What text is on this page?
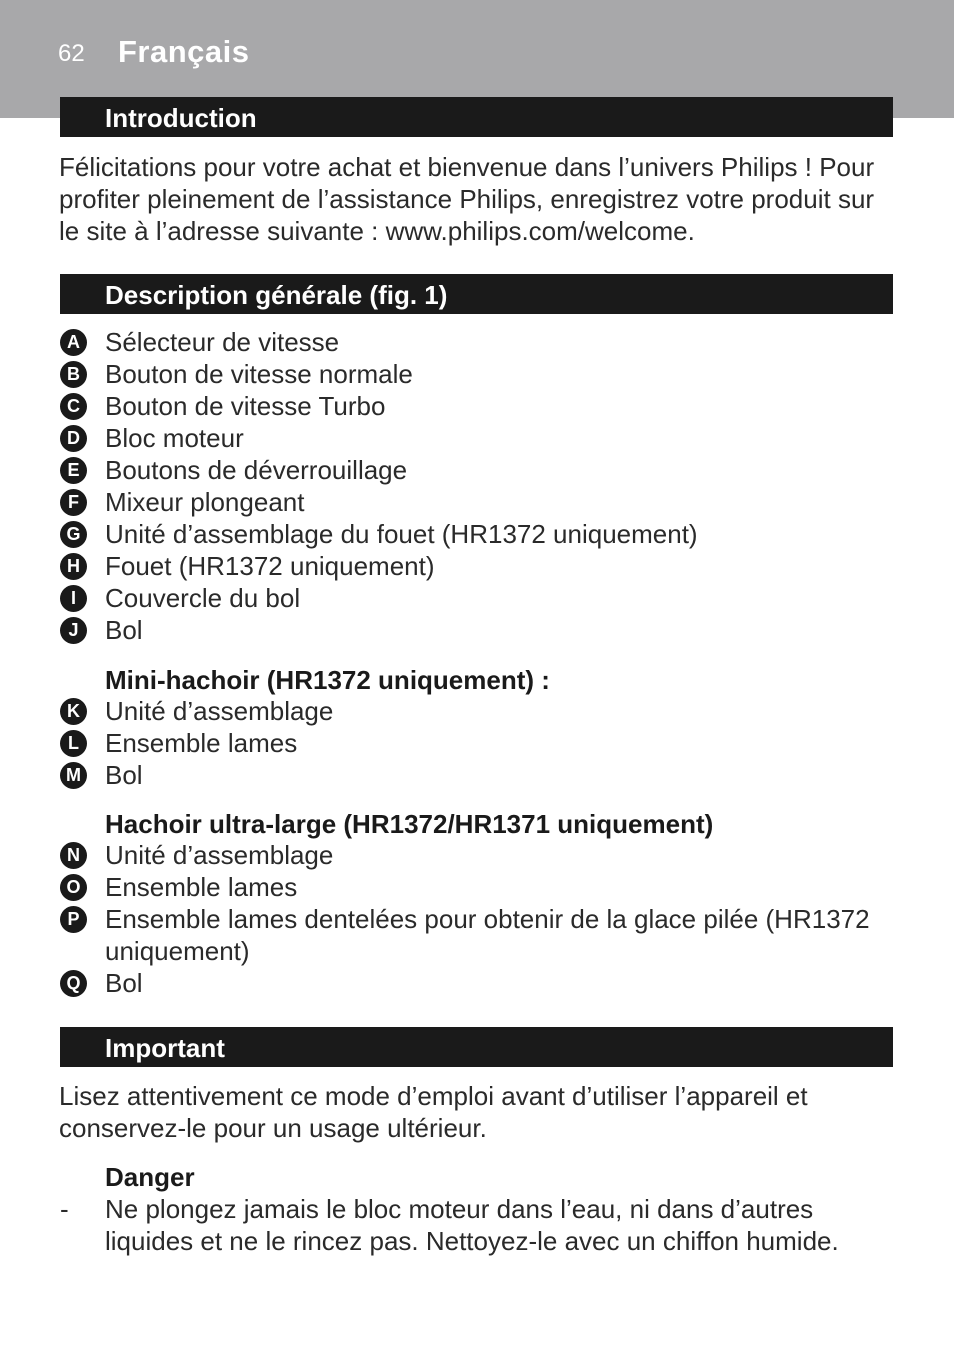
62 Français
Introduction

Félicitations pour votre achat et bienvenue dans l’univers Philips ! Pour profiter pleinement de l’assistance Philips, enregistrez votre produit sur le site à l’adresse suivante : www.philips.com/welcome.

Description générale (fig. 1)
A Sélecteur de vitesse
B Bouton de vitesse normale
C Bouton de vitesse Turbo
D Bloc moteur
E Boutons de déverrouillage
F	Mixeur plongeant
G Unité d’assemblage du fouet (HR1372 uniquement)
H Fouet (HR1372 uniquement)
I	Couvercle du bol
J	Bol
Mini-hachoir (HR1372 uniquement) :
K Unité d’assemblage
L	Ensemble lames
M Bol
Hachoir ultra-large (HR1372/HR1371 uniquement)
N Unité d’assemblage
O Ensemble lames
P Ensemble lames dentelées pour obtenir de la glace pilée (HR1372 uniquement)
Q Bol
Important

Lisez attentivement ce mode d’emploi avant d’utiliser l’appareil et conservez-le pour un usage ultérieur.

Danger
- Ne plongez jamais le bloc moteur dans l’eau, ni dans d’autres liquides et ne le rincez pas. Nettoyez-le avec un chiffon humide.
